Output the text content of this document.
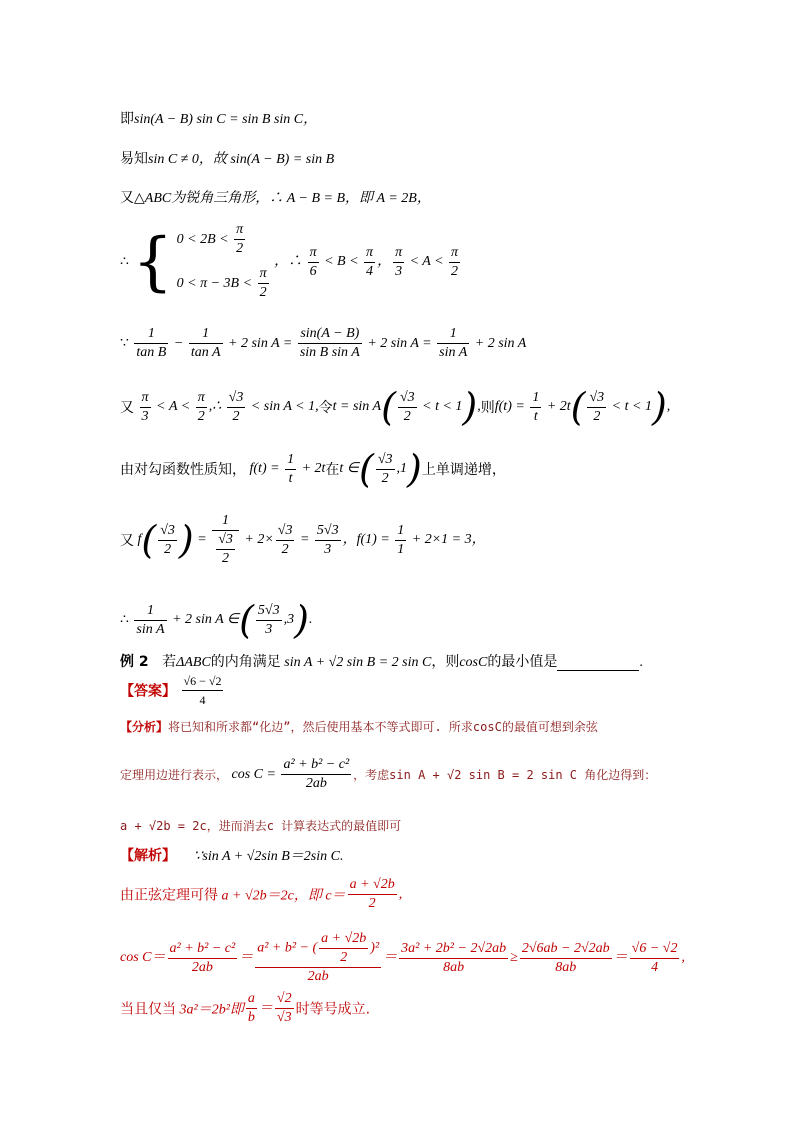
即sin(A − B) sin C = sin B sin C，
易知sin C ≠ 0，故 sin(A − B) = sin B
又△ABC为锐角三角形，∴ A − B = B，即 A = 2B，
∴ { $0 < 2B < \frac{\pi}{2}$
$0 < \pi - 3B < \frac{\pi}{2}$
，∴ $\frac{\pi}{6} < B < \frac{\pi}{4}$ ， $\frac{\pi}{3} < A < \frac{\pi}{2}$
∵ $\frac{1}{\text{tan B}} - \frac{1}{\text{tan A}} + 2$ $\sin A = \frac{\sin(A - B)}{\text{sin B sin A}} + 2$ $\sin A = \frac{1}{\text{sin A}} + 2$ sin A
又 $\frac{\pi}{3} < A < \frac{\pi}{2}$ ,∴ $\frac{√3}{2} < \sin A < 1$,令$t = \sin A( \frac{√3}{2} < t < 1)$,则$f(t) = \frac{1}{t} + 2t( \frac{√3}{2} < t < 1)$,
由对勾函数性质知， $f(t) = \frac{1}{t} + 2t$在t ∈( $\frac{√3}{2} ,1$)上单调递增，
又 $f( \frac{√3}{2}$ ) = $\frac{1}{\frac{√3}{2}} + 2\times \frac{√3}{2} = \frac{5√3}{3}$ ，$f(1) = \frac{1}{1} + 2\times 1 = 3$，
∴ $\frac{1}{\text{sin A}} + 2$ sin A ∈( $\frac{5√3}{3} ,3$).
例 2 若ΔABC的内角满足 sin A + √2 sin B = 2 sin C，则cosC的最小值是	.
【答案】 $\frac{√6 - √2}{4}$
【分析】将已知和所求都“化边”，然后使用基本不等式即可. 所求cosC的最值可想到余弦
定理用边进行表示， $\cos C = \frac{\text{a² + b² − c²}}{2ab}$ ，考虑sin A + √2 sin B = 2 sin C 角化边得到：
a + √2b = 2c，进而消去c 计算表达式的最值即可
【解析】 ∵sin A + √2sin B＝2sin C.
由正弦定理可得 a + √2b＝2c，即 $c= \frac{a + √2b}{2}$ ,
$\cos C= \frac{\text{a² + b² − c²}}{2ab} = \frac{a^2 + b^2 - ( \frac{a + √2b}{2} )^2}{2ab} = \frac{\text{3a² + 2b² − 2√2ab}}{8ab} \ge \frac{2√6ab - 2√2ab}{8ab} = \frac{√6 - √2}{4}$ ,
当且仅当 3a²＝2b²即 $\frac{a}{b} = \frac{√2}{√3}$ 时等号成立.
